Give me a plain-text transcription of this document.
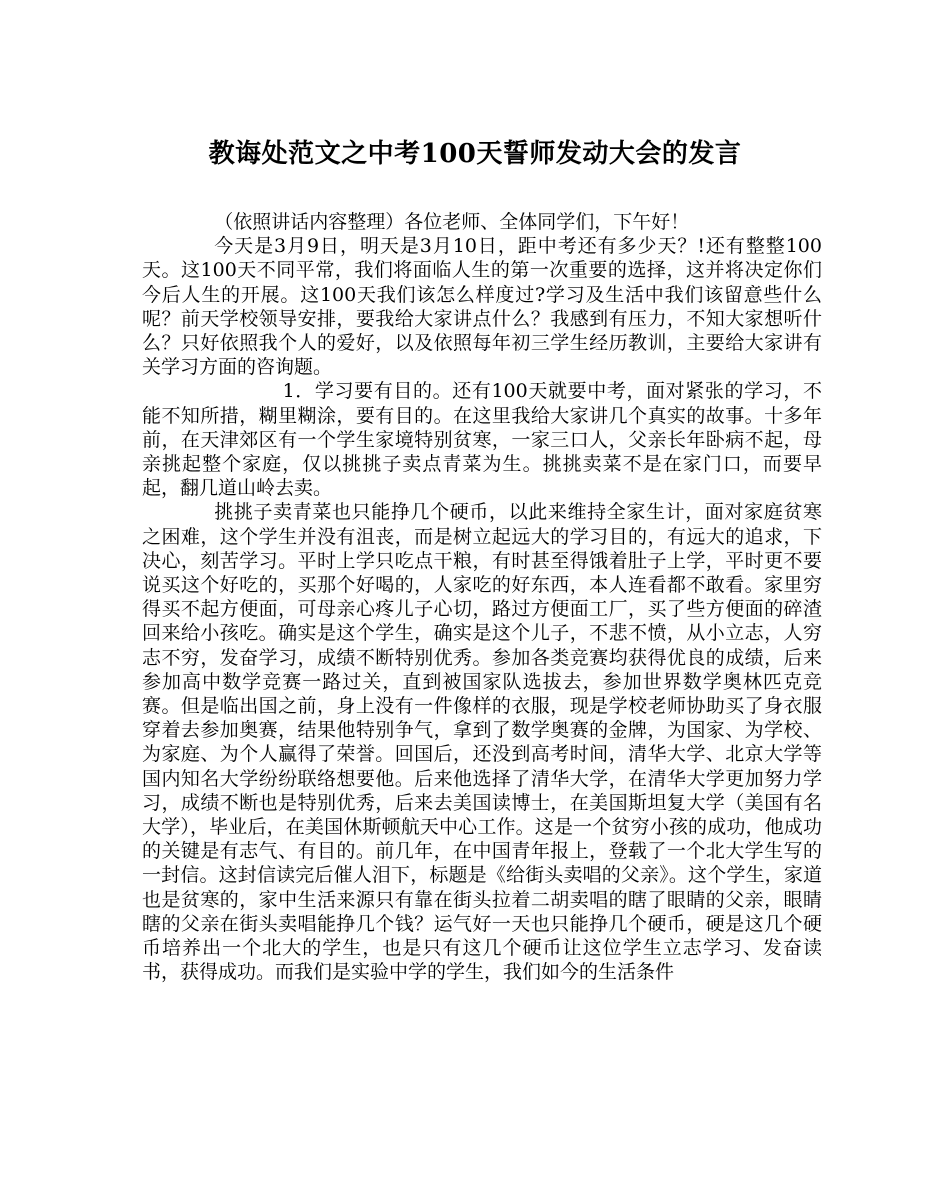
教诲处范文之中考100天誓师发动大会的发言

（依照讲话内容整理）各位老师、全体同学们，下午好！

今天是3月9日，明天是3月10日，距中考还有多少天？!还有整整100天。这100天不同平常，我们将面临人生的第一次重要的选择，这并将决定你们今后人生的开展。这100天我们该怎么样度过?学习及生活中我们该留意些什么呢？前天学校领导安排，要我给大家讲点什么？我感到有压力，不知大家想听什么？只好依照我个人的爱好，以及依照每年初三学生经历教训，主要给大家讲有关学习方面的咨询题。

1．学习要有目的。还有100天就要中考，面对紧张的学习，不能不知所措，糊里糊涂，要有目的。在这里我给大家讲几个真实的故事。十多年前，在天津郊区有一个学生家境特别贫寒，一家三口人，父亲长年卧病不起，母亲挑起整个家庭，仅以挑挑子卖点青菜为生。挑挑卖菜不是在家门口，而要早起，翻几道山岭去卖。

挑挑子卖青菜也只能挣几个硬币，以此来维持全家生计，面对家庭贫寒之困难，这个学生并没有沮丧，而是树立起远大的学习目的，有远大的追求，下决心，刻苦学习。平时上学只吃点干粮，有时甚至得饿着肚子上学，平时更不要说买这个好吃的，买那个好喝的，人家吃的好东西，本人连看都不敢看。家里穷得买不起方便面，可母亲心疼儿子心切，路过方便面工厂，买了些方便面的碎渣回来给小孩吃。确实是这个学生，确实是这个儿子，不悲不愤，从小立志，人穷志不穷，发奋学习，成绩不断特别优秀。参加各类竞赛均获得优良的成绩，后来参加高中数学竞赛一路过关，直到被国家队选拔去，参加世界数学奥林匹克竞赛。但是临出国之前，身上没有一件像样的衣服，现是学校老师协助买了身衣服穿着去参加奥赛，结果他特别争气，拿到了数学奥赛的金牌，为国家、为学校、为家庭、为个人赢得了荣誉。回国后，还没到高考时间，清华大学、北京大学等国内知名大学纷纷联络想要他。后来他选择了清华大学，在清华大学更加努力学习，成绩不断也是特别优秀，后来去美国读博士，在美国斯坦复大学（美国有名大学），毕业后，在美国休斯顿航天中心工作。这是一个贫穷小孩的成功，他成功的关键是有志气、有目的。前几年，在中国青年报上，登载了一个北大学生写的一封信。这封信读完后催人泪下，标题是《给街头卖唱的父亲》。这个学生，家道也是贫寒的，家中生活来源只有靠在街头拉着二胡卖唱的瞎了眼睛的父亲，眼睛瞎的父亲在街头卖唱能挣几个钱？运气好一天也只能挣几个硬币，硬是这几个硬币培养出一个北大的学生，也是只有这几个硬币让这位学生立志学习、发奋读书，获得成功。而我们是实验中学的学生，我们如今的生活条件
